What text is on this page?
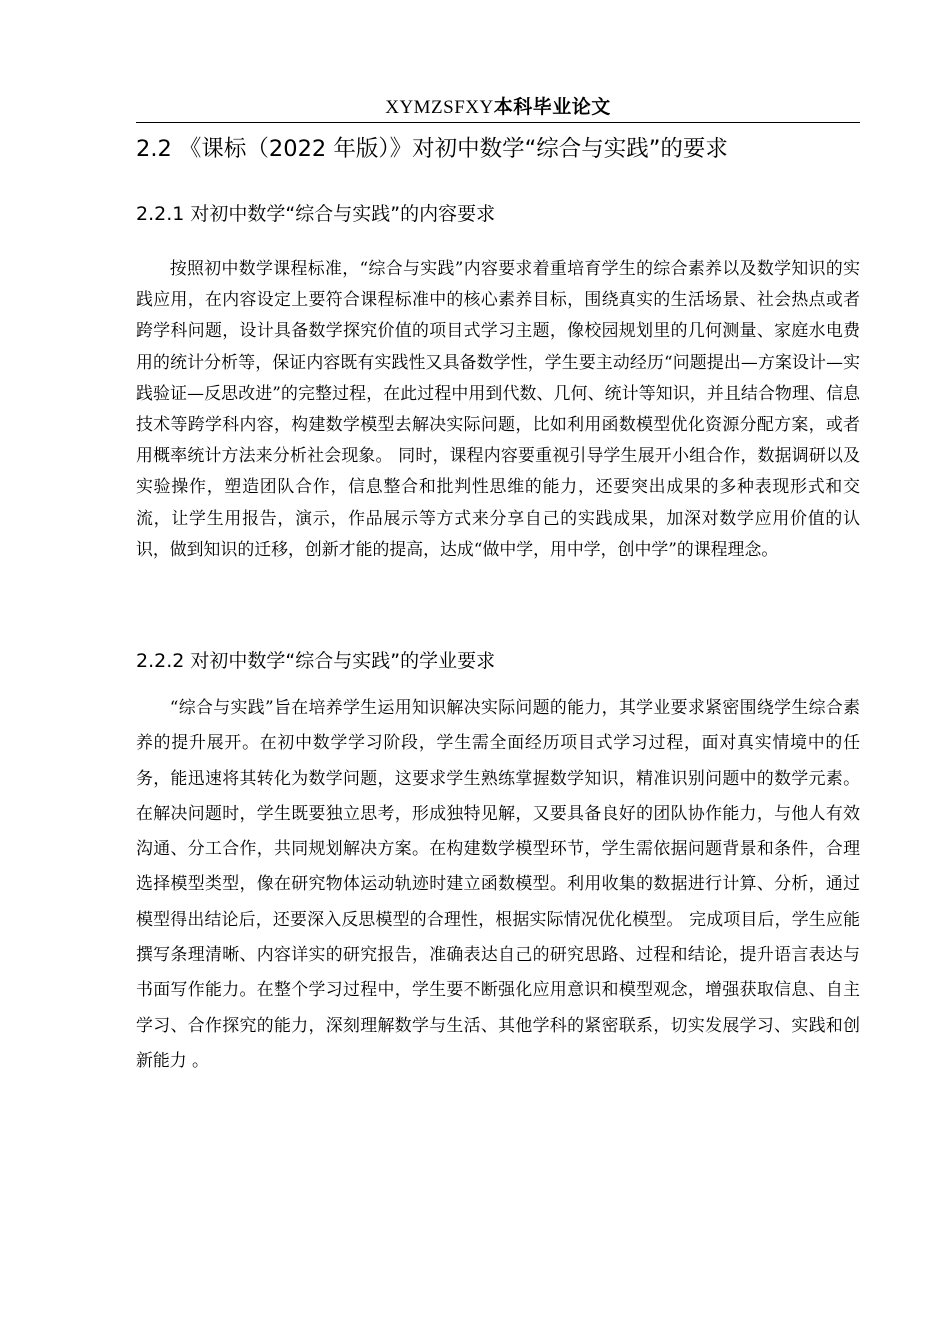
XYMZSFXY本科毕业论文
2.2 《课标（2022 年版）》对初中数学“综合与实践”的要求
2.2.1 对初中数学“综合与实践”的内容要求

按照初中数学课程标准，“综合与实践”内容要求着重培育学生的综合素养以及数学知识的实践应用，在内容设定上要符合课程标准中的核心素养目标，围绕真实的生活场景、社会热点或者跨学科问题，设计具备数学探究价值的项目式学习主题，像校园规划里的几何测量、家庭水电费用的统计分析等，保证内容既有实践性又具备数学性，学生要主动经历“问题提出—方案设计—实践验证—反思改进”的完整过程，在此过程中用到代数、几何、统计等知识，并且结合物理、信息技术等跨学科内容，构建数学模型去解决实际问题，比如利用函数模型优化资源分配方案，或者用概率统计方法来分析社会现象。 同时，课程内容要重视引导学生展开小组合作，数据调研以及实验操作，塑造团队合作，信息整合和批判性思维的能力，还要突出成果的多种表现形式和交流，让学生用报告，演示，作品展示等方式来分享自己的实践成果，加深对数学应用价值的认识，做到知识的迁移，创新才能的提高，达成“做中学，用中学，创中学”的课程理念。

2.2.2 对初中数学“综合与实践”的学业要求

“综合与实践”旨在培养学生运用知识解决实际问题的能力，其学业要求紧密围绕学生综合素养的提升展开。在初中数学学习阶段，学生需全面经历项目式学习过程，面对真实情境中的任务，能迅速将其转化为数学问题，这要求学生熟练掌握数学知识，精准识别问题中的数学元素。 在解决问题时，学生既要独立思考，形成独特见解，又要具备良好的团队协作能力，与他人有效沟通、分工合作，共同规划解决方案。在构建数学模型环节，学生需依据问题背景和条件，合理选择模型类型，像在研究物体运动轨迹时建立函数模型。利用收集的数据进行计算、分析，通过模型得出结论后，还要深入反思模型的合理性，根据实际情况优化模型。 完成项目后，学生应能撰写条理清晰、内容详实的研究报告，准确表达自己的研究思路、过程和结论，提升语言表达与书面写作能力。在整个学习过程中，学生要不断强化应用意识和模型观念，增强获取信息、自主学习、合作探究的能力，深刻理解数学与生活、其他学科的紧密联系，切实发展学习、实践和创新能力 。
